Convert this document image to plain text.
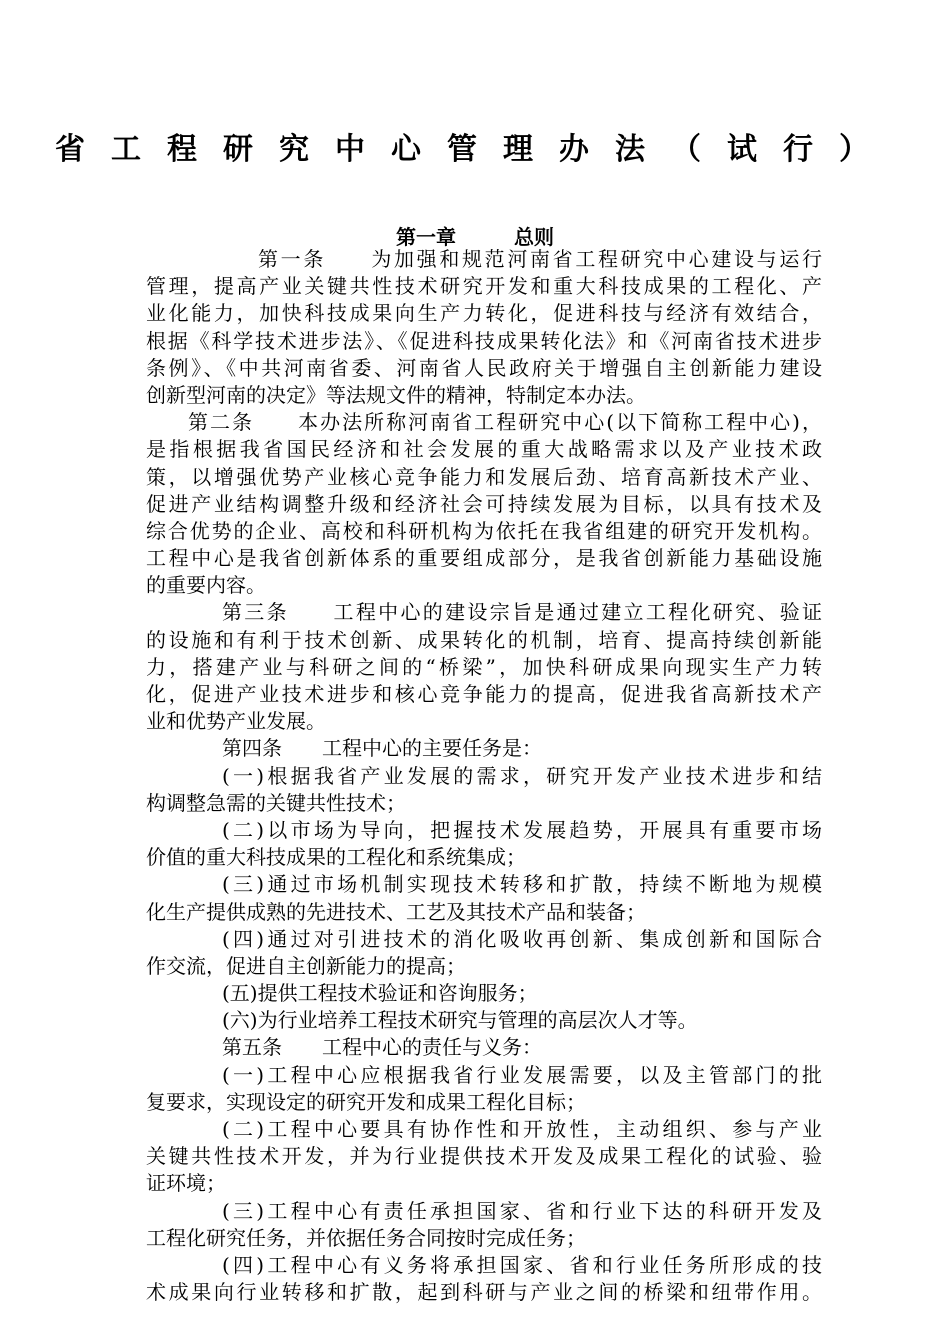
省工程研究中心管理办法（试行）
第一章	总则
第一条　　为加强和规范河南省工程研究中心建设与运行
管理，提高产业关键共性技术研究开发和重大科技成果的工程化、产
业化能力，加快科技成果向生产力转化，促进科技与经济有效结合，
根据《科学技术进步法》、《促进科技成果转化法》和《河南省技术进步
条例》、《中共河南省委、河南省人民政府关于增强自主创新能力建设
创新型河南的决定》等法规文件的精神，特制定本办法。
第二条　　本办法所称河南省工程研究中心(以下简称工程中心)，
是指根据我省国民经济和社会发展的重大战略需求以及产业技术政
策，以增强优势产业核心竞争能力和发展后劲、培育高新技术产业、
促进产业结构调整升级和经济社会可持续发展为目标，以具有技术及
综合优势的企业、高校和科研机构为依托在我省组建的研究开发机构。
工程中心是我省创新体系的重要组成部分，是我省创新能力基础设施
的重要内容。
第三条　　工程中心的建设宗旨是通过建立工程化研究、验证
的设施和有利于技术创新、成果转化的机制，培育、提高持续创新能
力，搭建产业与科研之间的“桥梁”，加快科研成果向现实生产力转
化，促进产业技术进步和核心竞争能力的提高，促进我省高新技术产
业和优势产业发展。
第四条　　工程中心的主要任务是：
(一)根据我省产业发展的需求，研究开发产业技术进步和结
构调整急需的关键共性技术；
(二)以市场为导向，把握技术发展趋势，开展具有重要市场
价值的重大科技成果的工程化和系统集成；
(三)通过市场机制实现技术转移和扩散，持续不断地为规模
化生产提供成熟的先进技术、工艺及其技术产品和装备；
(四)通过对引进技术的消化吸收再创新、集成创新和国际合
作交流，促进自主创新能力的提高；
(五)提供工程技术验证和咨询服务；
(六)为行业培养工程技术研究与管理的高层次人才等。
第五条　　工程中心的责任与义务：
(一)工程中心应根据我省行业发展需要，以及主管部门的批
复要求，实现设定的研究开发和成果工程化目标；
(二)工程中心要具有协作性和开放性，主动组织、参与产业
关键共性技术开发，并为行业提供技术开发及成果工程化的试验、验
证环境；
(三)工程中心有责任承担国家、省和行业下达的科研开发及
工程化研究任务，并依据任务合同按时完成任务；
(四)工程中心有义务将承担国家、省和行业任务所形成的技
术成果向行业转移和扩散，起到科研与产业之间的桥梁和纽带作用。
